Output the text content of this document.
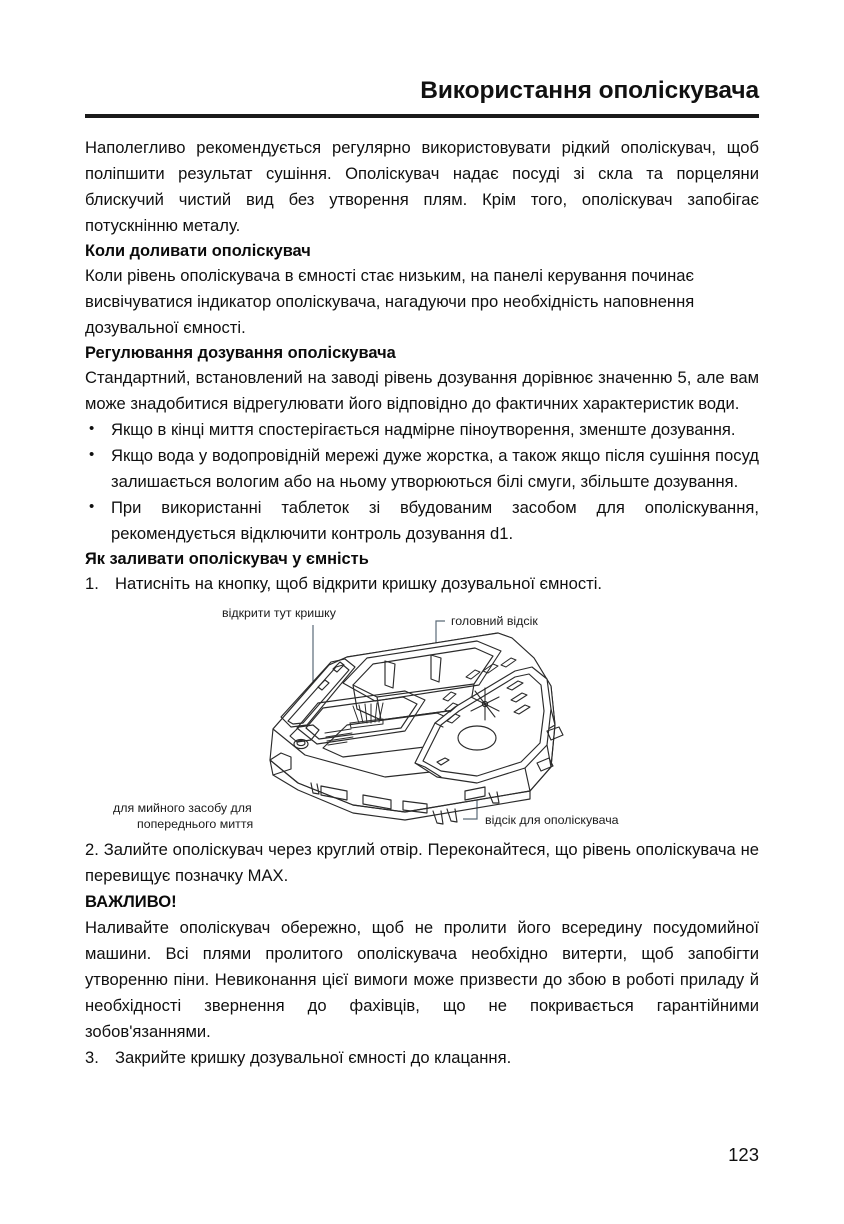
Використання ополіскувача

Наполегливо рекомендується регулярно використовувати рідкий ополіскувач, щоб поліпшити результат сушіння. Ополіскувач надає посуді зі скла та порцеляни блискучий чистий вид без утворення плям. Крім того, ополіскувач запобігає потускнінню металу.

Коли доливати ополіскувач

Коли рівень ополіскувача в ємності стає низьким, на панелі керування починає висвічуватися індикатор ополіскувача, нагадуючи про необхідність наповнення дозувальної ємності.

Регулювання дозування ополіскувача

Стандартний, встановлений на заводі рівень дозування дорівнює значенню 5, але вам може знадобитися відрегулювати його відповідно до фактичних характеристик води.

• Якщо в кінці миття спостерігається надмірне піноутворення, зменште дозування.
• Якщо вода у водопровідній мережі дуже жорстка, а також якщо після сушіння посуд залишається вологим або на ньому утворюються білі смуги, збільште дозування.
• При використанні таблеток зі вбудованим засобом для ополіскування, рекомендується відключити контроль дозування d1.

Як заливати ополіскувач у ємність

1. Натисніть на кнопку, щоб відкрити кришку дозувальної ємності.
відкрити тут кришку
головний відсік
для мийного засобу для
попереднього миття	відсік для ополіскувача

2. Залийте ополіскувач через круглий отвір. Переконайтеся, що рівень ополіскувача не перевищує позначку MAX.

ВАЖЛИВО!

Наливайте ополіскувач обережно, щоб не пролити його всередину посудомийної машини. Всі плями пролитого ополіскувача необхідно витерти, щоб запобігти утворенню піни. Невиконання цієї вимоги може призвести до збою в роботі приладу й необхідності звернення до фахівців, що не покривається гарантійними зобов'язаннями.

3. Закрийте кришку дозувальної ємності до клацання.
123
